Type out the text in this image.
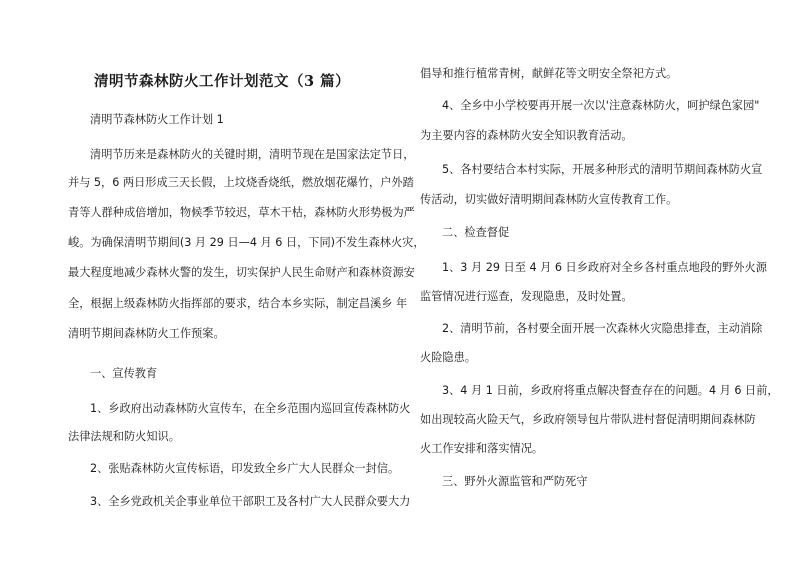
清明节森林防火工作计划范文（3 篇）
清明节森林防火工作计划 1
清明节历来是森林防火的关键时期，清明节现在是国家法定节日，
并与 5，6 两日形成三天长假，上坟烧香烧纸，燃放烟花爆竹，户外踏
青等人群种成倍增加，物候季节较迟，草木干枯，森林防火形势极为严
峻。为确保清明节期间(3 月 29 日—4 月 6 日，下同)不发生森林火灾，
最大程度地减少森林火警的发生，切实保护人民生命财产和森林资源安
全，根据上级森林防火指挥部的要求，结合本乡实际，制定昌溪乡 年
清明节期间森林防火工作预案。
一、宣传教育
1、乡政府出动森林防火宣传车，在全乡范围内巡回宣传森林防火
法律法规和防火知识。
2、张贴森林防火宣传标语，印发致全乡广大人民群众一封信。
3、全乡党政机关企事业单位干部职工及各村广大人民群众要大力
倡导和推行植常青树，献鲜花等文明安全祭祀方式。
4、全乡中小学校要再开展一次以'注意森林防火，呵护绿色家园"
为主要内容的森林防火安全知识教育活动。
5、各村要结合本村实际，开展多种形式的清明节期间森林防火宣
传活动，切实做好清明期间森林防火宣传教育工作。
二、检查督促
1、3 月 29 日至 4 月 6 日乡政府对全乡各村重点地段的野外火源
监管情况进行巡查，发现隐患，及时处置。
2、清明节前，各村要全面开展一次森林火灾隐患排查，主动消除
火险隐患。
3、4 月 1 日前，乡政府将重点解决督查存在的问题。4 月 6 日前，
如出现较高火险天气，乡政府领导包片带队进村督促清明期间森林防
火工作安排和落实情况。
三、野外火源监管和严防死守
